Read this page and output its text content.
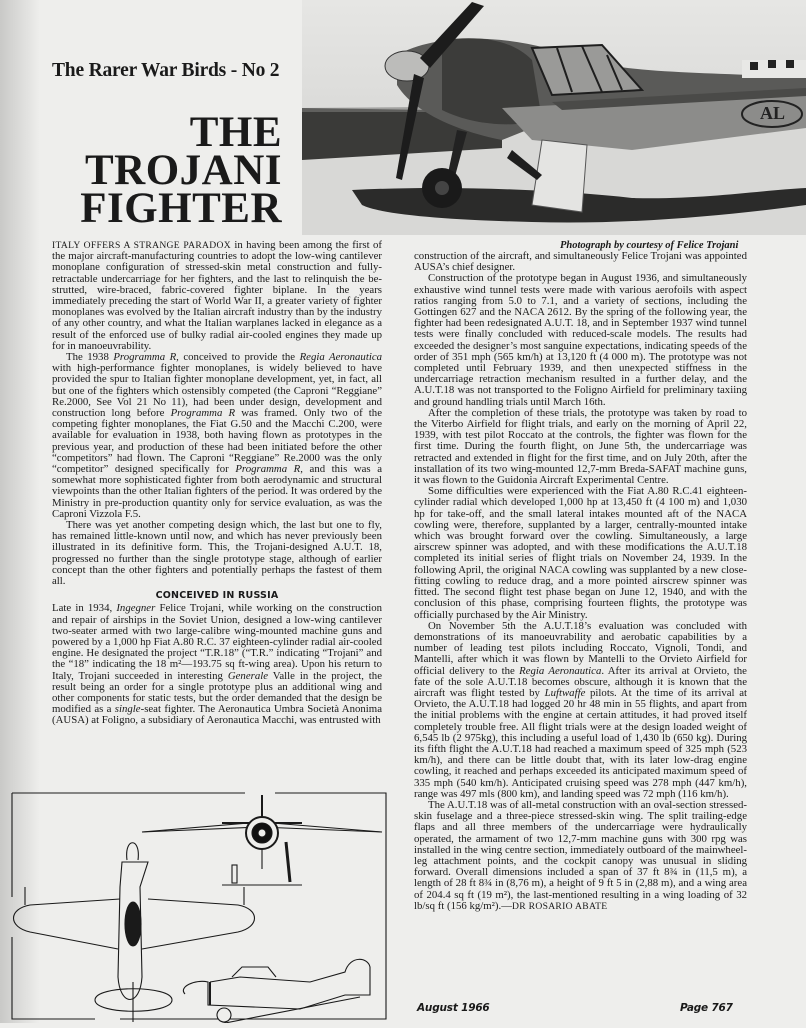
The Rarer War Birds - No 2
THE
TROJANI
FIGHTER
AL
Photograph by courtesy of Felice Trojani

ITALY OFFERS A STRANGE PARADOX in having been among the first of the major aircraft-manufacturing countries to adopt the low-wing cantilever monoplane configuration of stressed-skin metal construction and fully-retractable undercarriage for her fighters, and the last to relinquish the be-strutted, wire-braced, fabric-covered fighter biplane. In the years immediately preceding the start of World War II, a greater variety of fighter monoplanes was evolved by the Italian aircraft industry than by the industry of any other country, and what the Italian warplanes lacked in elegance as a result of the enforced use of bulky radial air-cooled engines they made up for in manoeuvrability.

The 1938 Programma R, conceived to provide the Regia Aeronautica with high-performance fighter monoplanes, is widely believed to have provided the spur to Italian fighter monoplane development, yet, in fact, all but one of the fighters which ostensibly competed (the Caproni “Reggiane” Re.2000, See Vol 21 No 11), had been under design, development and construction long before Programma R was framed. Only two of the competing fighter monoplanes, the Fiat G.50 and the Macchi C.200, were available for evaluation in 1938, both having flown as prototypes in the previous year, and production of these had been initiated before the other “competitors” had flown. The Caproni “Reggiane” Re.2000 was the only “competitor” designed specifically for Programma R, and this was a somewhat more sophisticated fighter from both aerodynamic and structural viewpoints than the other Italian fighters of the period. It was ordered by the Ministry in pre-production quantity only for service evaluation, as was the Caproni Vizzola F.5.

There was yet another competing design which, the last but one to fly, has remained little-known until now, and which has never previously been illustrated in its definitive form. This, the Trojani-designed A.U.T. 18, progressed no further than the single prototype stage, although of earlier concept than the other fighters and potentially perhaps the fastest of them all.

CONCEIVED IN RUSSIA

Late in 1934, Ingegner Felice Trojani, while working on the construction and repair of airships in the Soviet Union, designed a low-wing cantilever two-seater armed with two large-calibre wing-mounted machine guns and powered by a 1,000 hp Fiat A.80 R.C. 37 eighteen-cylinder radial air-cooled engine. He designated the project “T.R.18” (“T.R.” indicating “Trojani” and the “18” indicating the 18 m²—193.75 sq ft-wing area). Upon his return to Italy, Trojani succeeded in interesting Generale Valle in the project, the result being an order for a single prototype plus an additional wing and other components for static tests, but the order demanded that the design be modified as a single-seat fighter. The Aeronautica Umbra Società Anonima (AUSA) at Foligno, a subsidiary of Aeronautica Macchi, was entrusted with

construction of the aircraft, and simultaneously Felice Trojani was appointed AUSA’s chief designer.

Construction of the prototype began in August 1936, and simultaneously exhaustive wind tunnel tests were made with various aerofoils with aspect ratios ranging from 5.0 to 7.1, and a variety of sections, including the Gottingen 627 and the NACA 2612. By the spring of the following year, the fighter had been redesignated A.U.T. 18, and in September 1937 wind tunnel tests were finally concluded with reduced-scale models. The results had exceeded the designer’s most sanguine expectations, indicating speeds of the order of 351 mph (565 km/h) at 13,120 ft (4 000 m). The prototype was not completed until February 1939, and then unexpected stiffness in the undercarriage retraction mechanism resulted in a further delay, and the A.U.T.18 was not transported to the Foligno Airfield for preliminary taxiing and ground handling trials until March 16th.

After the completion of these trials, the prototype was taken by road to the Viterbo Airfield for flight trials, and early on the morning of April 22, 1939, with test pilot Roccato at the controls, the fighter was flown for the first time. During the fourth flight, on June 5th, the undercarriage was retracted and extended in flight for the first time, and on July 20th, after the installation of its two wing-mounted 12,7-mm Breda-SAFAT machine guns, it was flown to the Guidonia Aircraft Experimental Centre.

Some difficulties were experienced with the Fiat A.80 R.C.41 eighteen-cylinder radial which developed 1,000 hp at 13,450 ft (4 100 m) and 1,030 hp for take-off, and the small lateral intakes mounted aft of the NACA cowling were, therefore, supplanted by a larger, centrally-mounted intake which was brought forward over the cowling. Simultaneously, a large airscrew spinner was adopted, and with these modifications the A.U.T.18 completed its initial series of flight trials on November 24, 1939. In the following April, the original NACA cowling was supplanted by a new close-fitting cowling to reduce drag, and a more pointed airscrew spinner was fitted. The second flight test phase began on June 12, 1940, and with the conclusion of this phase, comprising fourteen flights, the prototype was officially purchased by the Air Ministry.

On November 5th the A.U.T.18’s evaluation was concluded with demonstrations of its manoeuvrability and aerobatic capabilities by a number of leading test pilots including Roccato, Vignoli, Tondi, and Mantelli, after which it was flown by Mantelli to the Orvieto Airfield for official delivery to the Regia Aeronautica. After its arrival at Orvieto, the fate of the sole A.U.T.18 becomes obscure, although it is known that the aircraft was flight tested by Luftwaffe pilots. At the time of its arrival at Orvieto, the A.U.T.18 had logged 20 hr 48 min in 55 flights, and apart from the initial problems with the engine at certain attitudes, it had proved itself completely trouble free. All flight trials were at the design loaded weight of 6,545 lb (2 975kg), this including a useful load of 1,430 lb (650 kg). During its fifth flight the A.U.T.18 had reached a maximum speed of 325 mph (523 km/h), and there can be little doubt that, with its later low-drag engine cowling, it reached and perhaps exceeded its anticipated maximum speed of 335 mph (540 km/h). Anticipated cruising speed was 278 mph (447 km/h), range was 497 mls (800 km), and landing speed was 72 mph (116 km/h).

The A.U.T.18 was of all-metal construction with an oval-section stressed-skin fuselage and a three-piece stressed-skin wing. The split trailing-edge flaps and all three members of the undercarriage were hydraulically operated, the armament of two 12,7-mm machine guns with 300 rpg was installed in the wing centre section, immediately outboard of the mainwheel-leg attachment points, and the cockpit canopy was unusual in sliding forward. Overall dimensions included a span of 37 ft 8¾ in (11,5 m), a length of 28 ft 8¾ in (8,76 m), a height of 9 ft 5 in (2,88 m), and a wing area of 204.4 sq ft (19 m²), the last-mentioned resulting in a wing loading of 32 lb/sq ft (156 kg/m²).—DR ROSARIO ABATE

August 1966	Page 767
